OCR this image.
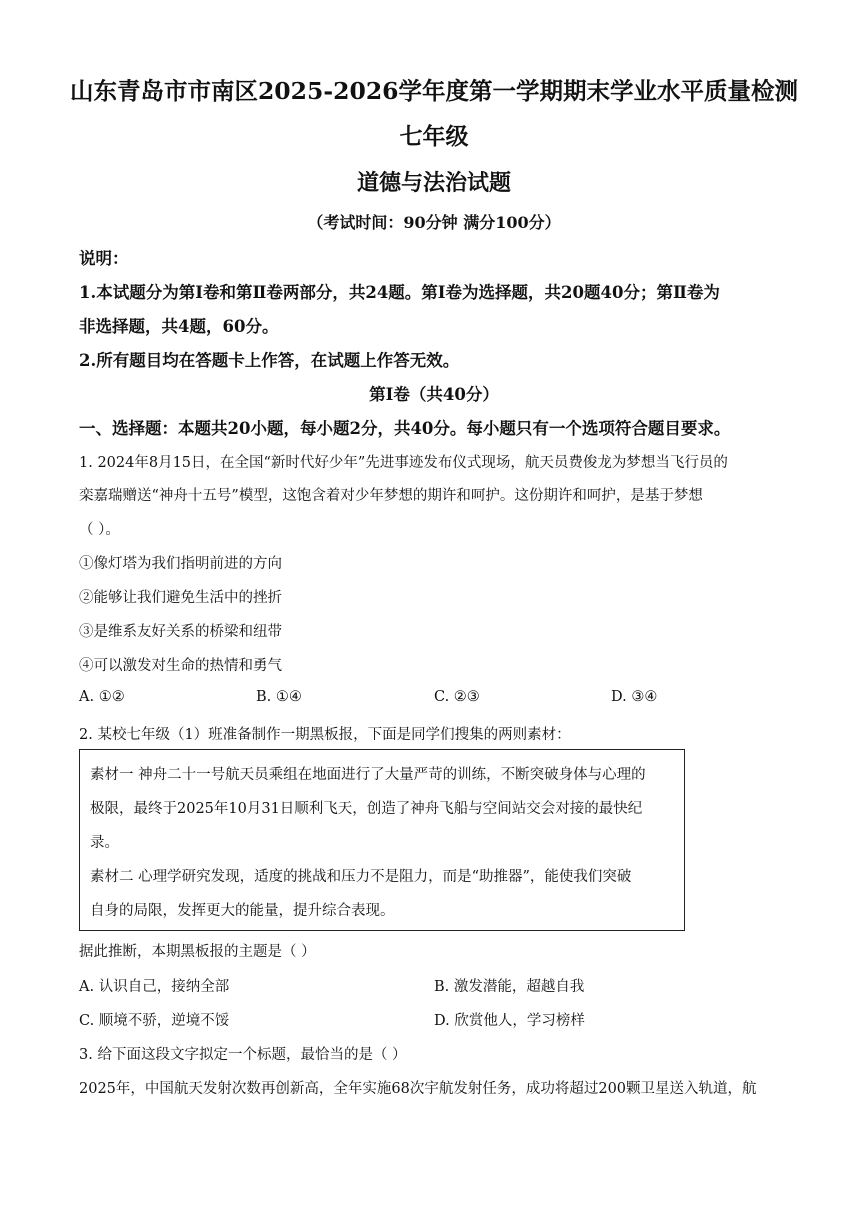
山东青岛市市南区2025-2026学年度第一学期期末学业水平质量检测
七年级
道德与法治试题
（考试时间：90分钟 满分100分）
说明：
1.本试题分为第Ⅰ卷和第Ⅱ卷两部分，共24题。第Ⅰ卷为选择题，共20题40分；第Ⅱ卷为
非选择题，共4题，60分。
2.所有题目均在答题卡上作答，在试题上作答无效。
第Ⅰ卷（共40分）
一、选择题：本题共20小题，每小题2分，共40分。每小题只有一个选项符合题目要求。
1. 2024年8月15日，在全国“新时代好少年”先进事迹发布仪式现场，航天员费俊龙为梦想当飞行员的
栾嘉瑞赠送“神舟十五号”模型，这饱含着对少年梦想的期许和呵护。这份期许和呵护，是基于梦想
（ ）。
①像灯塔为我们指明前进的方向
②能够让我们避免生活中的挫折
③是维系友好关系的桥梁和纽带
④可以激发对生命的热情和勇气
A. ①②	B. ①④	C. ②③	D. ③④
2. 某校七年级（1）班准备制作一期黑板报，下面是同学们搜集的两则素材：
素材一 神舟二十一号航天员乘组在地面进行了大量严苛的训练，不断突破身体与心理的
极限，最终于2025年10月31日顺利飞天，创造了神舟飞船与空间站交会对接的最快纪
录。
素材二 心理学研究发现，适度的挑战和压力不是阻力，而是“助推器”，能使我们突破
自身的局限，发挥更大的能量，提升综合表现。
据此推断，本期黑板报的主题是（ ）
A. 认识自己，接纳全部	B. 激发潜能，超越自我
C. 顺境不骄，逆境不馁	D. 欣赏他人，学习榜样
3. 给下面这段文字拟定一个标题，最恰当的是（ ）
2025年，中国航天发射次数再创新高，全年实施68次宇航发射任务，成功将超过200颗卫星送入轨道，航
